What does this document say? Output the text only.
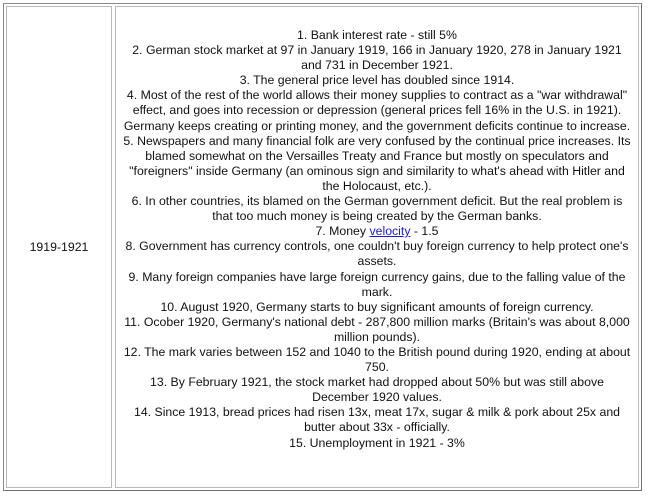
1919-1921

1. Bank interest rate - still 5%

2. German stock market at 97 in January 1919, 166 in January 1920, 278 in January 1921 and 731 in December 1921.

3. The general price level has doubled since 1914.

4. Most of the rest of the world allows their money supplies to contract as a "war withdrawal" effect, and goes into recession or depression (general prices fell 16% in the U.S. in 1921). Germany keeps creating or printing money, and the government deficits continue to increase.

5. Newspapers and many financial folk are very confused by the continual price increases. Its blamed somewhat on the Versailles Treaty and France but mostly on speculators and "foreigners" inside Germany (an ominous sign and similarity to what's ahead with Hitler and the Holocaust, etc.).

6. In other countries, its blamed on the German government deficit. But the real problem is that too much money is being created by the German banks.

7. Money velocity - 1.5

8. Government has currency controls, one couldn't buy foreign currency to help protect one's assets.

9. Many foreign companies have large foreign currency gains, due to the falling value of the mark.

10. August 1920, Germany starts to buy significant amounts of foreign currency.

11. Ocober 1920, Germany's national debt - 287,800 million marks (Britain's was about 8,000 million pounds).

12. The mark varies between 152 and 1040 to the British pound during 1920, ending at about 750.

13. By February 1921, the stock market had dropped about 50% but was still above December 1920 values.

14. Since 1913, bread prices had risen 13x, meat 17x, sugar & milk & pork about 25x and butter about 33x - officially.

15. Unemployment in 1921 - 3%
